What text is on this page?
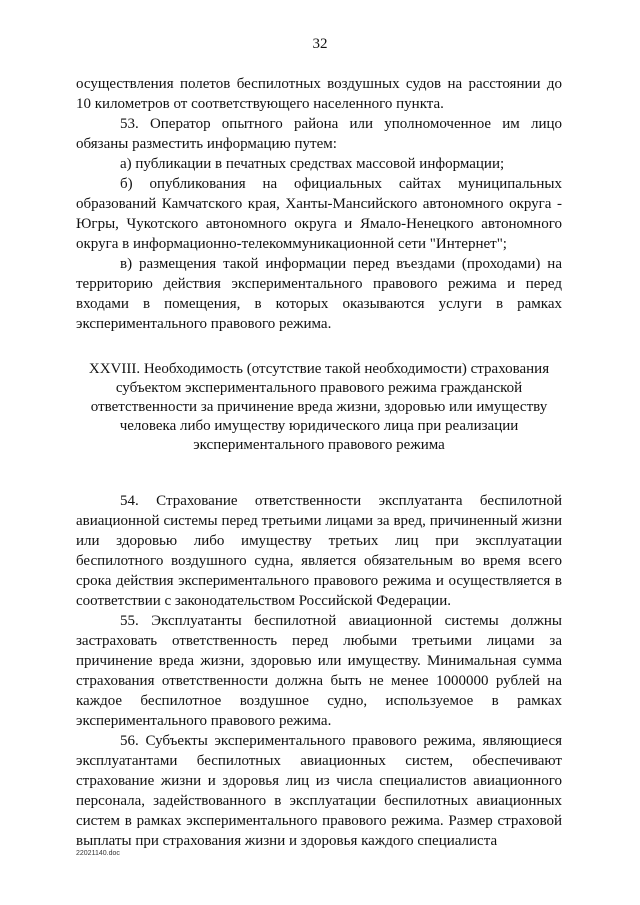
32

осуществления полетов беспилотных воздушных судов на расстоянии до 10 километров от соответствующего населенного пункта.

53. Оператор опытного района или уполномоченное им лицо обязаны разместить информацию путем:

а) публикации в печатных средствах массовой информации;

б) опубликования на официальных сайтах муниципальных образований Камчатского края, Ханты-Мансийского автономного округа - Югры, Чукотского автономного округа и Ямало-Ненецкого автономного округа в информационно-телекоммуникационной сети "Интернет";

в) размещения такой информации перед въездами (проходами) на территорию действия экспериментального правового режима и перед входами в помещения, в которых оказываются услуги в рамках экспериментального правового режима.

XXVIII. Необходимость (отсутствие такой необходимости) страхования субъектом экспериментального правового режима гражданской ответственности за причинение вреда жизни, здоровью или имуществу человека либо имуществу юридического лица при реализации экспериментального правового режима

54. Страхование ответственности эксплуатанта беспилотной авиационной системы перед третьими лицами за вред, причиненный жизни или здоровью либо имуществу третьих лиц при эксплуатации беспилотного воздушного судна, является обязательным во время всего срока действия экспериментального правового режима и осуществляется в соответствии с законодательством Российской Федерации.

55. Эксплуатанты беспилотной авиационной системы должны застраховать ответственность перед любыми третьими лицами за причинение вреда жизни, здоровью или имуществу. Минимальная сумма страхования ответственности должна быть не менее 1000000 рублей на каждое беспилотное воздушное судно, используемое в рамках экспериментального правового режима.

56. Субъекты экспериментального правового режима, являющиеся эксплуатантами беспилотных авиационных систем, обеспечивают страхование жизни и здоровья лиц из числа специалистов авиационного персонала, задействованного в эксплуатации беспилотных авиационных систем в рамках экспериментального правового режима. Размер страховой выплаты при страхования жизни и здоровья каждого специалиста

22021140.doc
